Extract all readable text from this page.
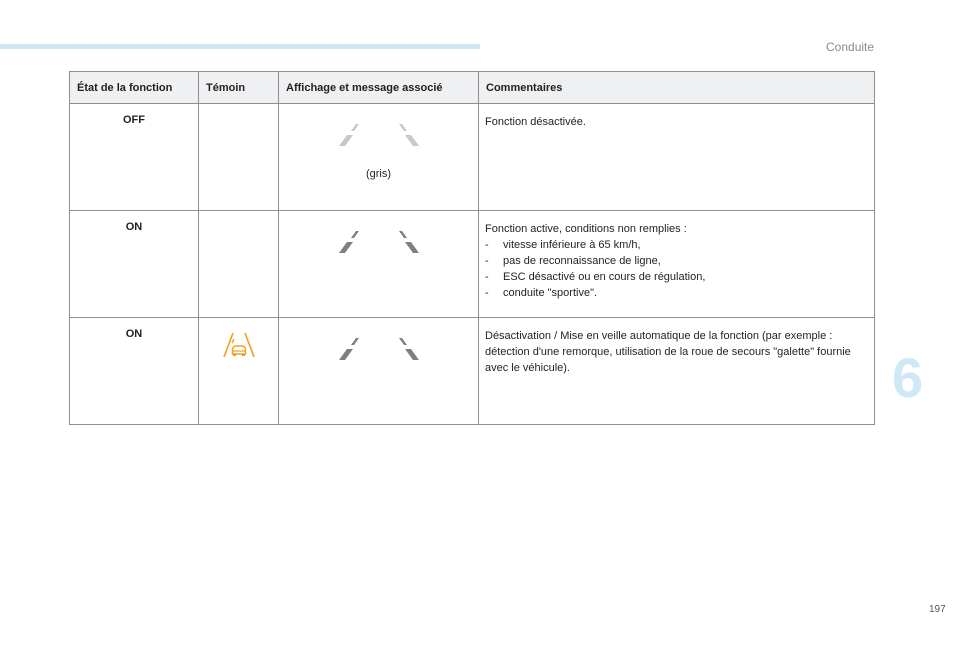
Conduite
6
197
État de la fonction	Témoin	Affichage et message associé	Commentaires
OFF		(gris)	Fonction désactivée.
ON			Fonction active, conditions non remplies :
- vitesse inférieure à 65 km/h,
- pas de reconnaissance de ligne,
- ESC désactivé ou en cours de régulation,
- conduite "sportive".

ON			Désactivation / Mise en veille automatique de la fonction (par exemple : détection d'une remorque, utilisation de la roue de secours "galette" fournie avec le véhicule).
